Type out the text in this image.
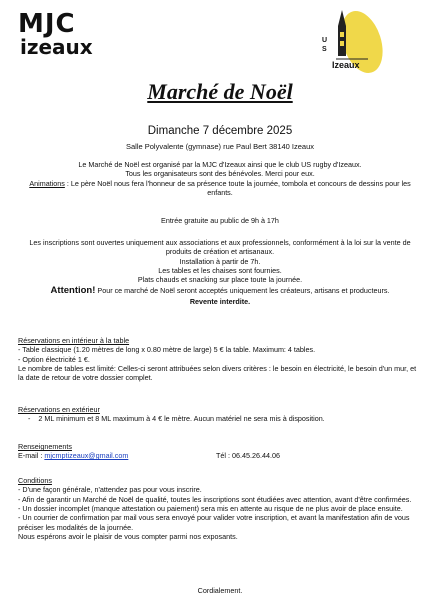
MJC
izeaux	U S
Izeaux
Marché de Noël
Dimanche 7 décembre 2025
Salle Polyvalente (gymnase) rue Paul Bert 38140 Izeaux
Le Marché de Noël est organisé par la MJC d'Izeaux ainsi que le club US rugby d'Izeaux.
Tous les organisateurs sont des bénévoles. Merci pour eux.
Animations : Le père Noël nous fera l'honneur de sa présence toute la journée, tombola et concours de dessins pour les enfants.
Entrée gratuite au public de 9h à 17h
Les inscriptions sont ouvertes uniquement aux associations et aux professionnels, conformément à la loi sur la vente de produits de création et artisanaux.
Installation à partir de 7h.
Les tables et les chaises sont fournies.
Plats chauds et snacking sur place toute la journée.
Attention! Pour ce marché de Noël seront acceptés uniquement les créateurs, artisans et producteurs.
Revente interdite.
Réservations en intérieur à la table
- Table classique (1.20 mètres de long x 0.80 mètre de large) 5 € la table. Maximum: 4 tables.
- Option électricité 1 €.
Le nombre de tables est limité: Celles-ci seront attribuées selon divers critères : le besoin en électricité, le besoin d'un mur, et la date de retour de votre dossier complet.
Réservations en extérieur
- 2 ML minimum et 8 ML maximum à 4 € le mètre. Aucun matériel ne sera mis à disposition.
Renseignements
E-mail : mjcmptizeaux@gmail.com	Tél : 06.45.26.44.06
Conditions
- D'une façon générale, n'attendez pas pour vous inscrire.
- Afin de garantir un Marché de Noël de qualité, toutes les inscriptions sont étudiées avec attention, avant d'être confirmées.
- Un dossier incomplet (manque attestation ou paiement) sera mis en attente au risque de ne plus avoir de place ensuite.
- Un courrier de confirmation par mail vous sera envoyé pour valider votre inscription, et avant la manifestation afin de vous préciser les modalités de la journée.
Nous espérons avoir le plaisir de vous compter parmi nos exposants.
Cordialement.
